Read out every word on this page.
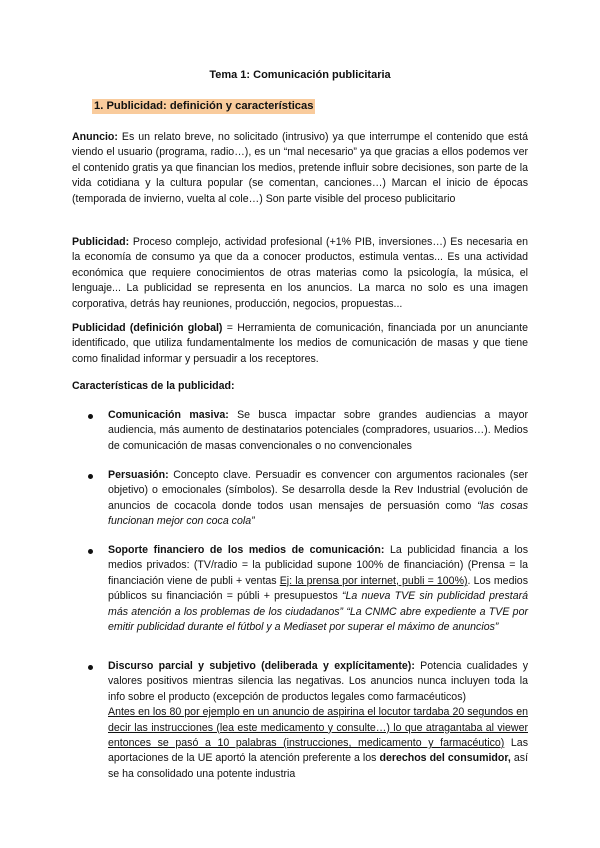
Tema 1: Comunicación publicitaria
1. Publicidad: definición y características
Anuncio: Es un relato breve, no solicitado (intrusivo) ya que interrumpe el contenido que está viendo el usuario (programa, radio…), es un “mal necesario” ya que gracias a ellos podemos ver el contenido gratis ya que financian los medios, pretende influir sobre decisiones, son parte de la vida cotidiana y la cultura popular (se comentan, canciones…) Marcan el inicio de épocas (temporada de invierno, vuelta al cole…) Son parte visible del proceso publicitario
Publicidad: Proceso complejo, actividad profesional (+1% PIB, inversiones…) Es necesaria en la economía de consumo ya que da a conocer productos, estimula ventas... Es una actividad económica que requiere conocimientos de otras materias como la psicología, la música, el lenguaje... La publicidad se representa en los anuncios. La marca no solo es una imagen corporativa, detrás hay reuniones, producción, negocios, propuestas...
Publicidad (definición global) = Herramienta de comunicación, financiada por un anunciante identificado, que utiliza fundamentalmente los medios de comunicación de masas y que tiene como finalidad informar y persuadir a los receptores.
Características de la publicidad:
Comunicación masiva: Se busca impactar sobre grandes audiencias a mayor audiencia, más aumento de destinatarios potenciales (compradores, usuarios…). Medios de comunicación de masas convencionales o no convencionales
Persuasión: Concepto clave. Persuadir es convencer con argumentos racionales (ser objetivo) o emocionales (símbolos). Se desarrolla desde la Rev Industrial (evolución de anuncios de cocacola donde todos usan mensajes de persuasión como “las cosas funcionan mejor con coca cola”
Soporte financiero de los medios de comunicación: La publicidad financia a los medios privados: (TV/radio = la publicidad supone 100% de financiación) (Prensa = la financiación viene de publi + ventas Ej: la prensa por internet, publi = 100%). Los medios públicos su financiación = públi + presupuestos “La nueva TVE sin publicidad prestará más atención a los problemas de los ciudadanos” “La CNMC abre expediente a TVE por emitir publicidad durante el fútbol y a Mediaset por superar el máximo de anuncios”
Discurso parcial y subjetivo (deliberada y explícitamente): Potencia cualidades y valores positivos mientras silencia las negativas. Los anuncios nunca incluyen toda la info sobre el producto (excepción de productos legales como farmacéuticos)
Antes en los 80 por ejemplo en un anuncio de aspirina el locutor tardaba 20 segundos en decir las instrucciones (lea este medicamento y consulte…) lo que atragantaba al viewer entonces se pasó a 10 palabras (instrucciones, medicamento y farmacéutico) Las aportaciones de la UE aportó la atención preferente a los derechos del consumidor, así se ha consolidado una potente industria
